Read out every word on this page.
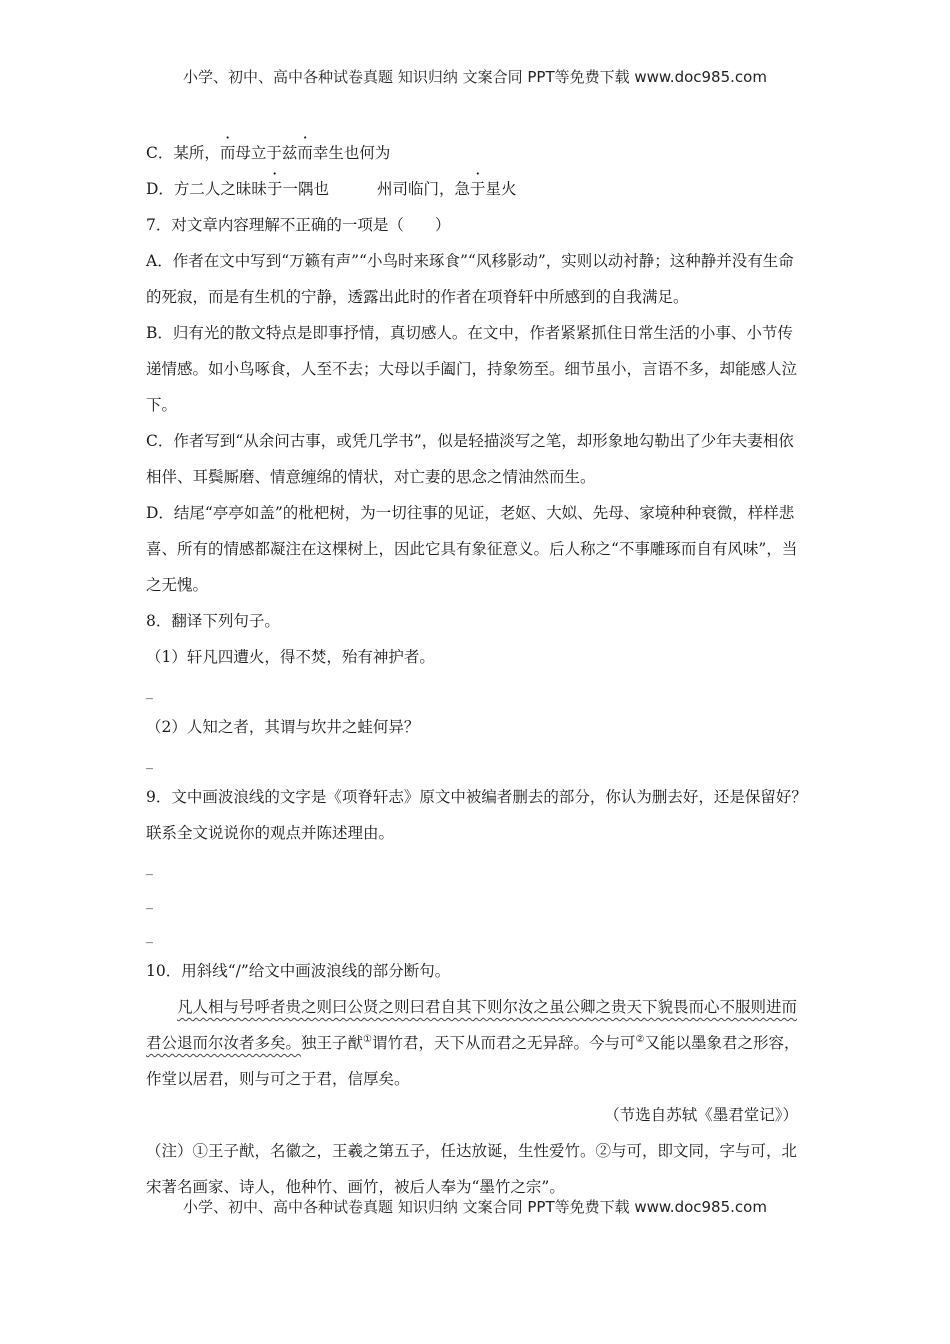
小学、初中、高中各种试卷真题 知识归纳 文案合同 PPT等免费下载 www.doc985.com

C．某所，而母立于兹而幸生也何为

D．方二人之昧昧于一隅也	州司临门，急于星火

7．对文章内容理解不正确的一项是（　　）

A．作者在文中写到“万籁有声”“小鸟时来琢食”“风移影动”，实则以动衬静；这种静并没有生命的死寂，而是有生机的宁静，透露出此时的作者在项脊轩中所感到的自我满足。

B．归有光的散文特点是即事抒情，真切感人。在文中，作者紧紧抓住日常生活的小事、小节传递情感。如小鸟啄食，人至不去；大母以手阖门，持象笏至。细节虽小，言语不多，却能感人泣下。

C．作者写到“从余问古事，或凭几学书”，似是轻描淡写之笔，却形象地勾勒出了少年夫妻相依相伴、耳鬓厮磨、情意缠绵的情状，对亡妻的思念之情油然而生。

D．结尾“亭亭如盖”的枇杷树，为一切往事的见证，老妪、大姒、先母、家境种种衰微，样样悲喜、所有的情感都凝注在这棵树上，因此它具有象征意义。后人称之“不事雕琢而自有风味”，当之无愧。

8．翻译下列句子。

（1）轩凡四遭火，得不焚，殆有神护者。

_

（2）人知之者，其谓与坎井之蛙何异？

_

9．文中画波浪线的文字是《项脊轩志》原文中被编者删去的部分，你认为删去好，还是保留好？联系全文说说你的观点并陈述理由。

_
_
_

10．用斜线“/”给文中画波浪线的部分断句。

凡人相与号呼者贵之则曰公贤之则曰君自其下则尔汝之虽公卿之贵天下貌畏而心不服则进而君公退而尔汝者多矣。独王子猷①谓竹君，天下从而君之无异辞。今与可②又能以墨象君之形容，作堂以居君，则与可之于君，信厚矣。

（节选自苏轼《墨君堂记》）

（注）①王子猷，名徽之，王羲之第五子，任达放诞，生性爱竹。②与可，即文同，字与可，北宋著名画家、诗人，他种竹、画竹，被后人奉为“墨竹之宗”。

小学、初中、高中各种试卷真题 知识归纳 文案合同 PPT等免费下载 www.doc985.com
